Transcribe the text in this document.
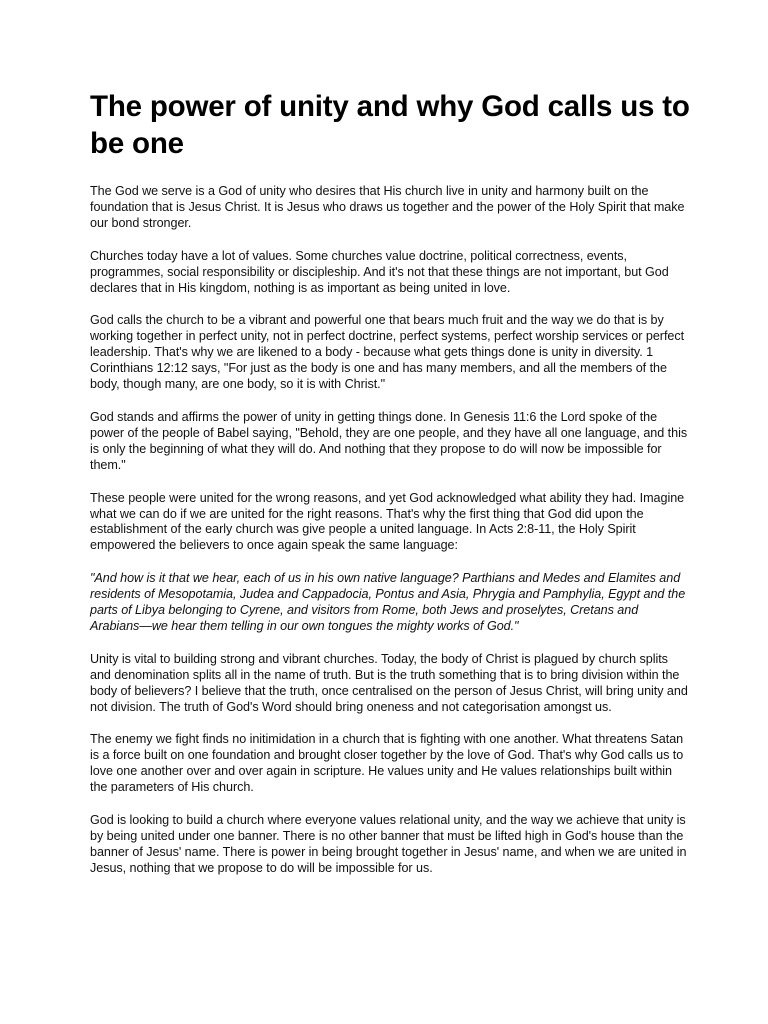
The power of unity and why God calls us to be one

The God we serve is a God of unity who desires that His church live in unity and harmony built on the foundation that is Jesus Christ. It is Jesus who draws us together and the power of the Holy Spirit that make our bond stronger.

Churches today have a lot of values. Some churches value doctrine, political correctness, events, programmes, social responsibility or discipleship. And it's not that these things are not important, but God declares that in His kingdom, nothing is as important as being united in love.

God calls the church to be a vibrant and powerful one that bears much fruit and the way we do that is by working together in perfect unity, not in perfect doctrine, perfect systems, perfect worship services or perfect leadership. That's why we are likened to a body - because what gets things done is unity in diversity. 1 Corinthians 12:12 says, "For just as the body is one and has many members, and all the members of the body, though many, are one body, so it is with Christ."

God stands and affirms the power of unity in getting things done. In Genesis 11:6 the Lord spoke of the power of the people of Babel saying, "Behold, they are one people, and they have all one language, and this is only the beginning of what they will do. And nothing that they propose to do will now be impossible for them."

These people were united for the wrong reasons, and yet God acknowledged what ability they had. Imagine what we can do if we are united for the right reasons. That's why the first thing that God did upon the establishment of the early church was give people a united language. In Acts 2:8-11, the Holy Spirit empowered the believers to once again speak the same language:

"And how is it that we hear, each of us in his own native language? Parthians and Medes and Elamites and residents of Mesopotamia, Judea and Cappadocia, Pontus and Asia, Phrygia and Pamphylia, Egypt and the parts of Libya belonging to Cyrene, and visitors from Rome, both Jews and proselytes, Cretans and Arabians—we hear them telling in our own tongues the mighty works of God."

Unity is vital to building strong and vibrant churches. Today, the body of Christ is plagued by church splits and denomination splits all in the name of truth. But is the truth something that is to bring division within the body of believers? I believe that the truth, once centralised on the person of Jesus Christ, will bring unity and not division. The truth of God's Word should bring oneness and not categorisation amongst us.

The enemy we fight finds no initimidation in a church that is fighting with one another. What threatens Satan is a force built on one foundation and brought closer together by the love of God. That's why God calls us to love one another over and over again in scripture. He values unity and He values relationships built within the parameters of His church.

God is looking to build a church where everyone values relational unity, and the way we achieve that unity is by being united under one banner. There is no other banner that must be lifted high in God's house than the banner of Jesus' name. There is power in being brought together in Jesus' name, and when we are united in Jesus, nothing that we propose to do will be impossible for us.
